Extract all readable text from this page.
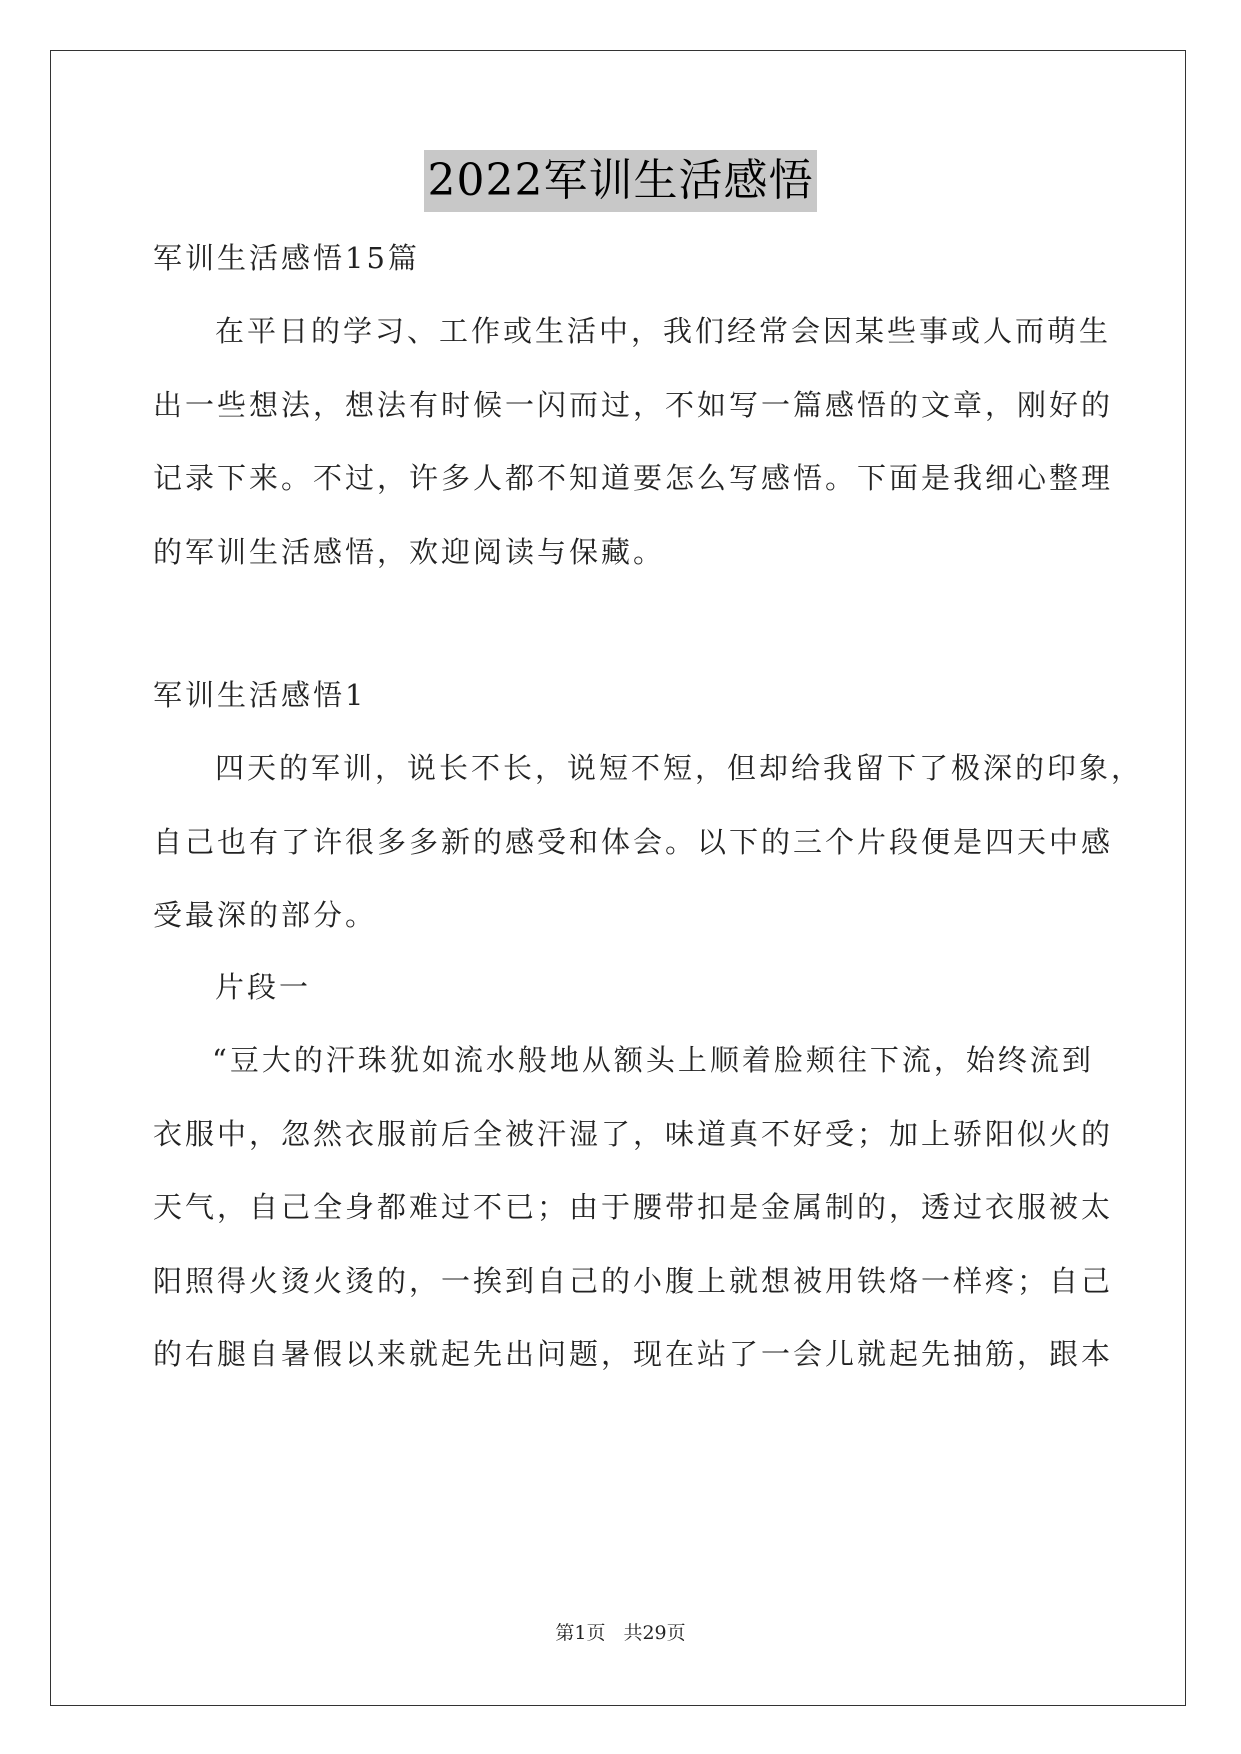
2022军训生活感悟
军训生活感悟15篇
在平日的学习、工作或生活中，我们经常会因某些事或人而萌生
出一些想法，想法有时候一闪而过，不如写一篇感悟的文章，刚好的
记录下来。不过，许多人都不知道要怎么写感悟。下面是我细心整理
的军训生活感悟，欢迎阅读与保藏。
军训生活感悟1
四天的军训，说长不长，说短不短，但却给我留下了极深的印象，
自己也有了许很多多新的感受和体会。以下的三个片段便是四天中感
受最深的部分。
片段一
“豆大的汗珠犹如流水般地从额头上顺着脸颊往下流，始终流到
衣服中，忽然衣服前后全被汗湿了，味道真不好受；加上骄阳似火的
天气，自己全身都难过不已；由于腰带扣是金属制的，透过衣服被太
阳照得火烫火烫的，一挨到自己的小腹上就想被用铁烙一样疼；自己
的右腿自暑假以来就起先出问题，现在站了一会儿就起先抽筋，跟本
第1页 共29页
